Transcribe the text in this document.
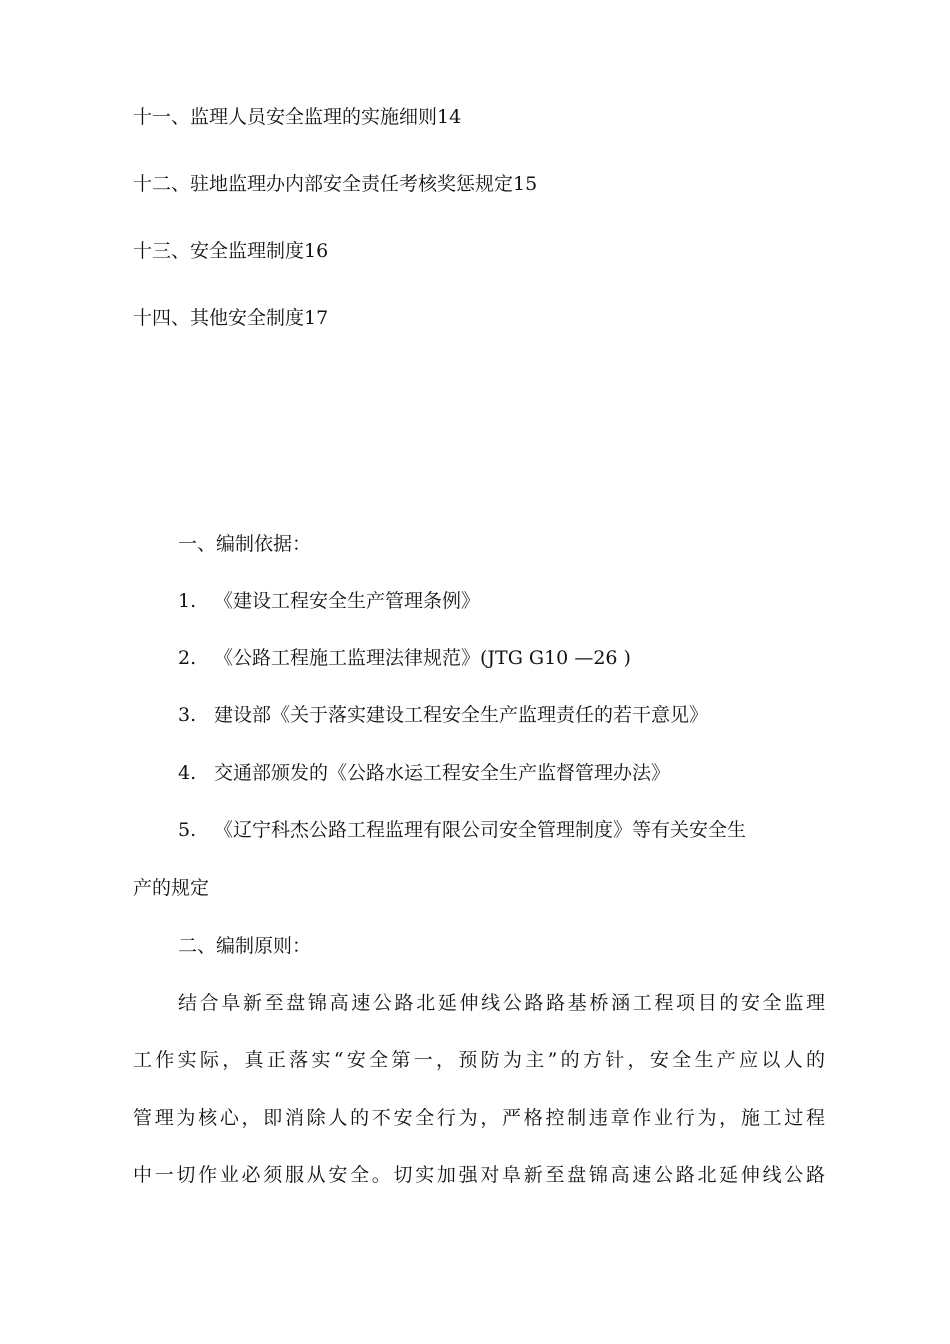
十一、监理人员安全监理的实施细则14

十二、驻地监理办内部安全责任考核奖惩规定15

十三、安全监理制度16

十四、其他安全制度17

一、编制依据：

1. 《建设工程安全生产管理条例》

2. 《公路工程施工监理法律规范》(JTG G10 —26 )

3. 建设部《关于落实建设工程安全生产监理责任的若干意见》

4. 交通部颁发的《公路水运工程安全生产监督管理办法》

5. 《辽宁科杰公路工程监理有限公司安全管理制度》等有关安全生

产的规定

二、编制原则：

结合阜新至盘锦高速公路北延伸线公路路基桥涵工程项目的安全监理

工作实际，真正落实“安全第一，预防为主”的方针，安全生产应以人的

管理为核心，即消除人的不安全行为，严格控制违章作业行为，施工过程

中一切作业必须服从安全。切实加强对阜新至盘锦高速公路北延伸线公路
